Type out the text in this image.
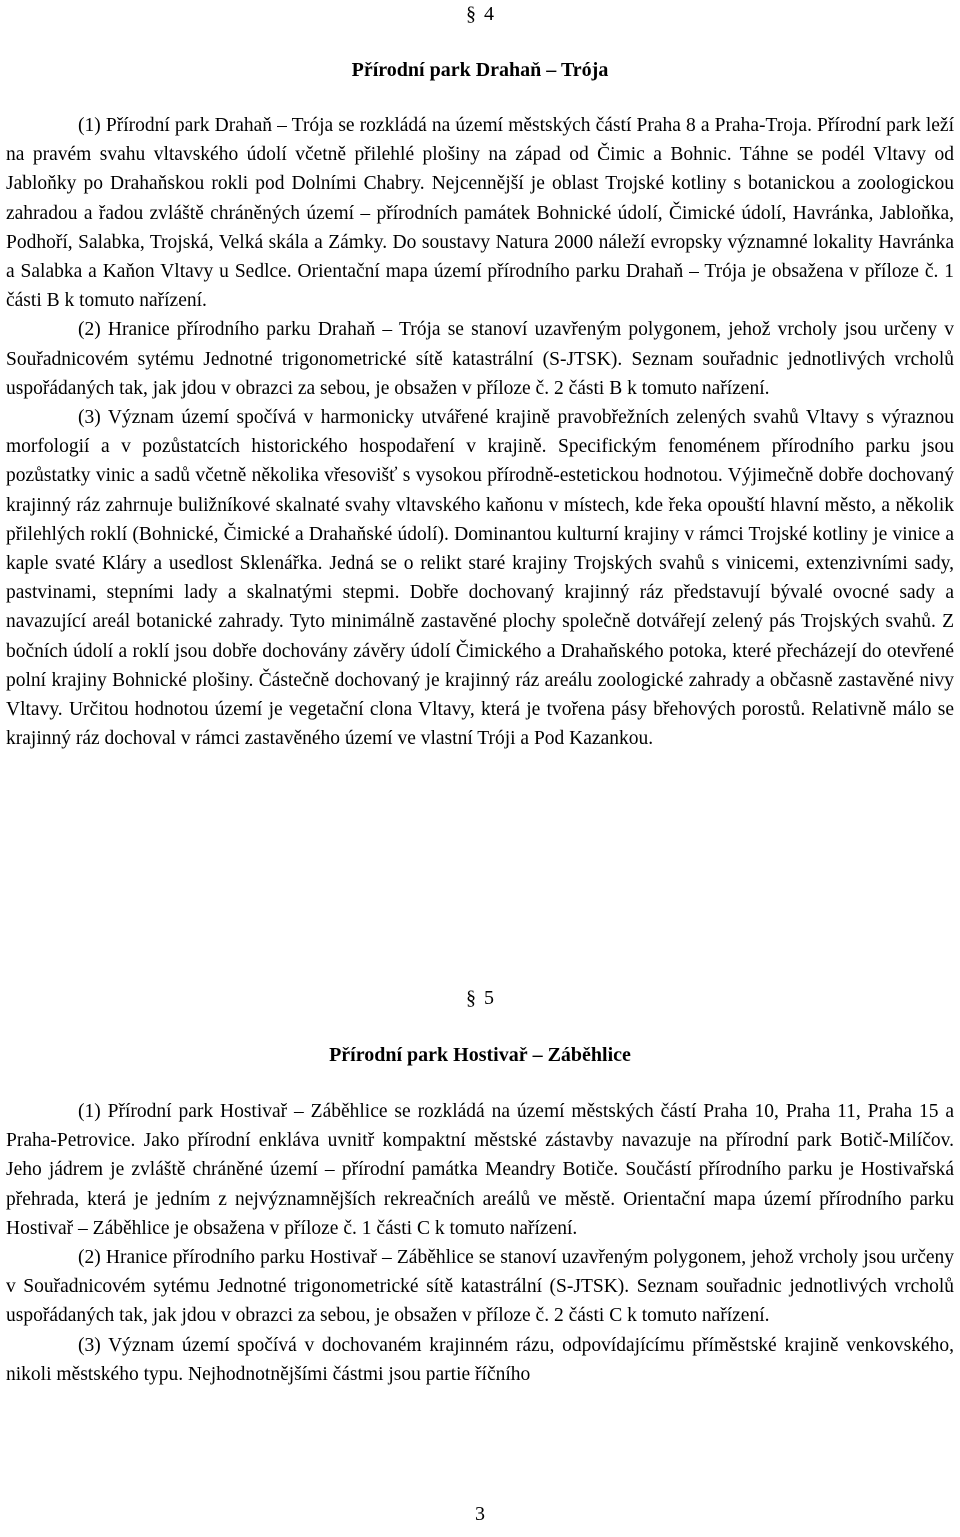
§ 4
Přírodní park Drahaň – Trója

(1) Přírodní park Drahaň – Trója se rozkládá na území městských částí Praha 8 a Praha-Troja. Přírodní park leží na pravém svahu vltavského údolí včetně přilehlé plošiny na západ od Čimic a Bohnic. Táhne se podél Vltavy od Jabloňky po Drahaňskou rokli pod Dolními Chabry. Nejcennější je oblast Trojské kotliny s botanickou a zoologickou zahradou a řadou zvláště chráněných území – přírodních památek Bohnické údolí, Čimické údolí, Havránka, Jabloňka, Podhoří, Salabka, Trojská, Velká skála a Zámky. Do soustavy Natura 2000 náleží evropsky významné lokality Havránka a Salabka a Kaňon Vltavy u Sedlce. Orientační mapa území přírodního parku Drahaň – Trója je obsažena v příloze č. 1 části B k tomuto nařízení.

(2) Hranice přírodního parku Drahaň – Trója se stanoví uzavřeným polygonem, jehož vrcholy jsou určeny v Souřadnicovém sytému Jednotné trigonometrické sítě katastrální (S-JTSK). Seznam souřadnic jednotlivých vrcholů uspořádaných tak, jak jdou v obrazci za sebou, je obsažen v příloze č. 2 části B k tomuto nařízení.

(3) Význam území spočívá v harmonicky utvářené krajině pravobřežních zelených svahů Vltavy s výraznou morfologií a v pozůstatcích historického hospodaření v krajině. Specifickým fenoménem přírodního parku jsou pozůstatky vinic a sadů včetně několika vřesovišť s vysokou přírodně-estetickou hodnotou. Výjimečně dobře dochovaný krajinný ráz zahrnuje buližníkové skalnaté svahy vltavského kaňonu v místech, kde řeka opouští hlavní město, a několik přilehlých roklí (Bohnické, Čimické a Drahaňské údolí). Dominantou kulturní krajiny v rámci Trojské kotliny je vinice a kaple svaté Kláry a usedlost Sklenářka. Jedná se o relikt staré krajiny Trojských svahů s vinicemi, extenzivními sady, pastvinami, stepními lady a skalnatými stepmi. Dobře dochovaný krajinný ráz představují bývalé ovocné sady a navazující areál botanické zahrady. Tyto minimálně zastavěné plochy společně dotvářejí zelený pás Trojských svahů. Z bočních údolí a roklí jsou dobře dochovány závěry údolí Čimického a Drahaňského potoka, které přecházejí do otevřené polní krajiny Bohnické plošiny. Částečně dochovaný je krajinný ráz areálu zoologické zahrady a občasně zastavěné nivy Vltavy. Určitou hodnotou území je vegetační clona Vltavy, která je tvořena pásy břehových porostů. Relativně málo se krajinný ráz dochoval v rámci zastavěného území ve vlastní Tróji a Pod Kazankou.

§ 5
Přírodní park Hostivař – Záběhlice

(1) Přírodní park Hostivař – Záběhlice se rozkládá na území městských částí Praha 10, Praha 11, Praha 15 a Praha-Petrovice. Jako přírodní enkláva uvnitř kompaktní městské zástavby navazuje na přírodní park Botič-Milíčov. Jeho jádrem je zvláště chráněné území – přírodní památka Meandry Botiče. Součástí přírodního parku je Hostivařská přehrada, která je jedním z nejvýznamnějších rekreačních areálů ve městě. Orientační mapa území přírodního parku Hostivař – Záběhlice je obsažena v příloze č. 1 části C k tomuto nařízení.

(2) Hranice přírodního parku Hostivař – Záběhlice se stanoví uzavřeným polygonem, jehož vrcholy jsou určeny v Souřadnicovém sytému Jednotné trigonometrické sítě katastrální (S-JTSK). Seznam souřadnic jednotlivých vrcholů uspořádaných tak, jak jdou v obrazci za sebou, je obsažen v příloze č. 2 části C k tomuto nařízení.

(3) Význam území spočívá v dochovaném krajinném rázu, odpovídajícímu příměstské krajině venkovského, nikoli městského typu. Nejhodnotnějšími částmi jsou partie říčního

3
